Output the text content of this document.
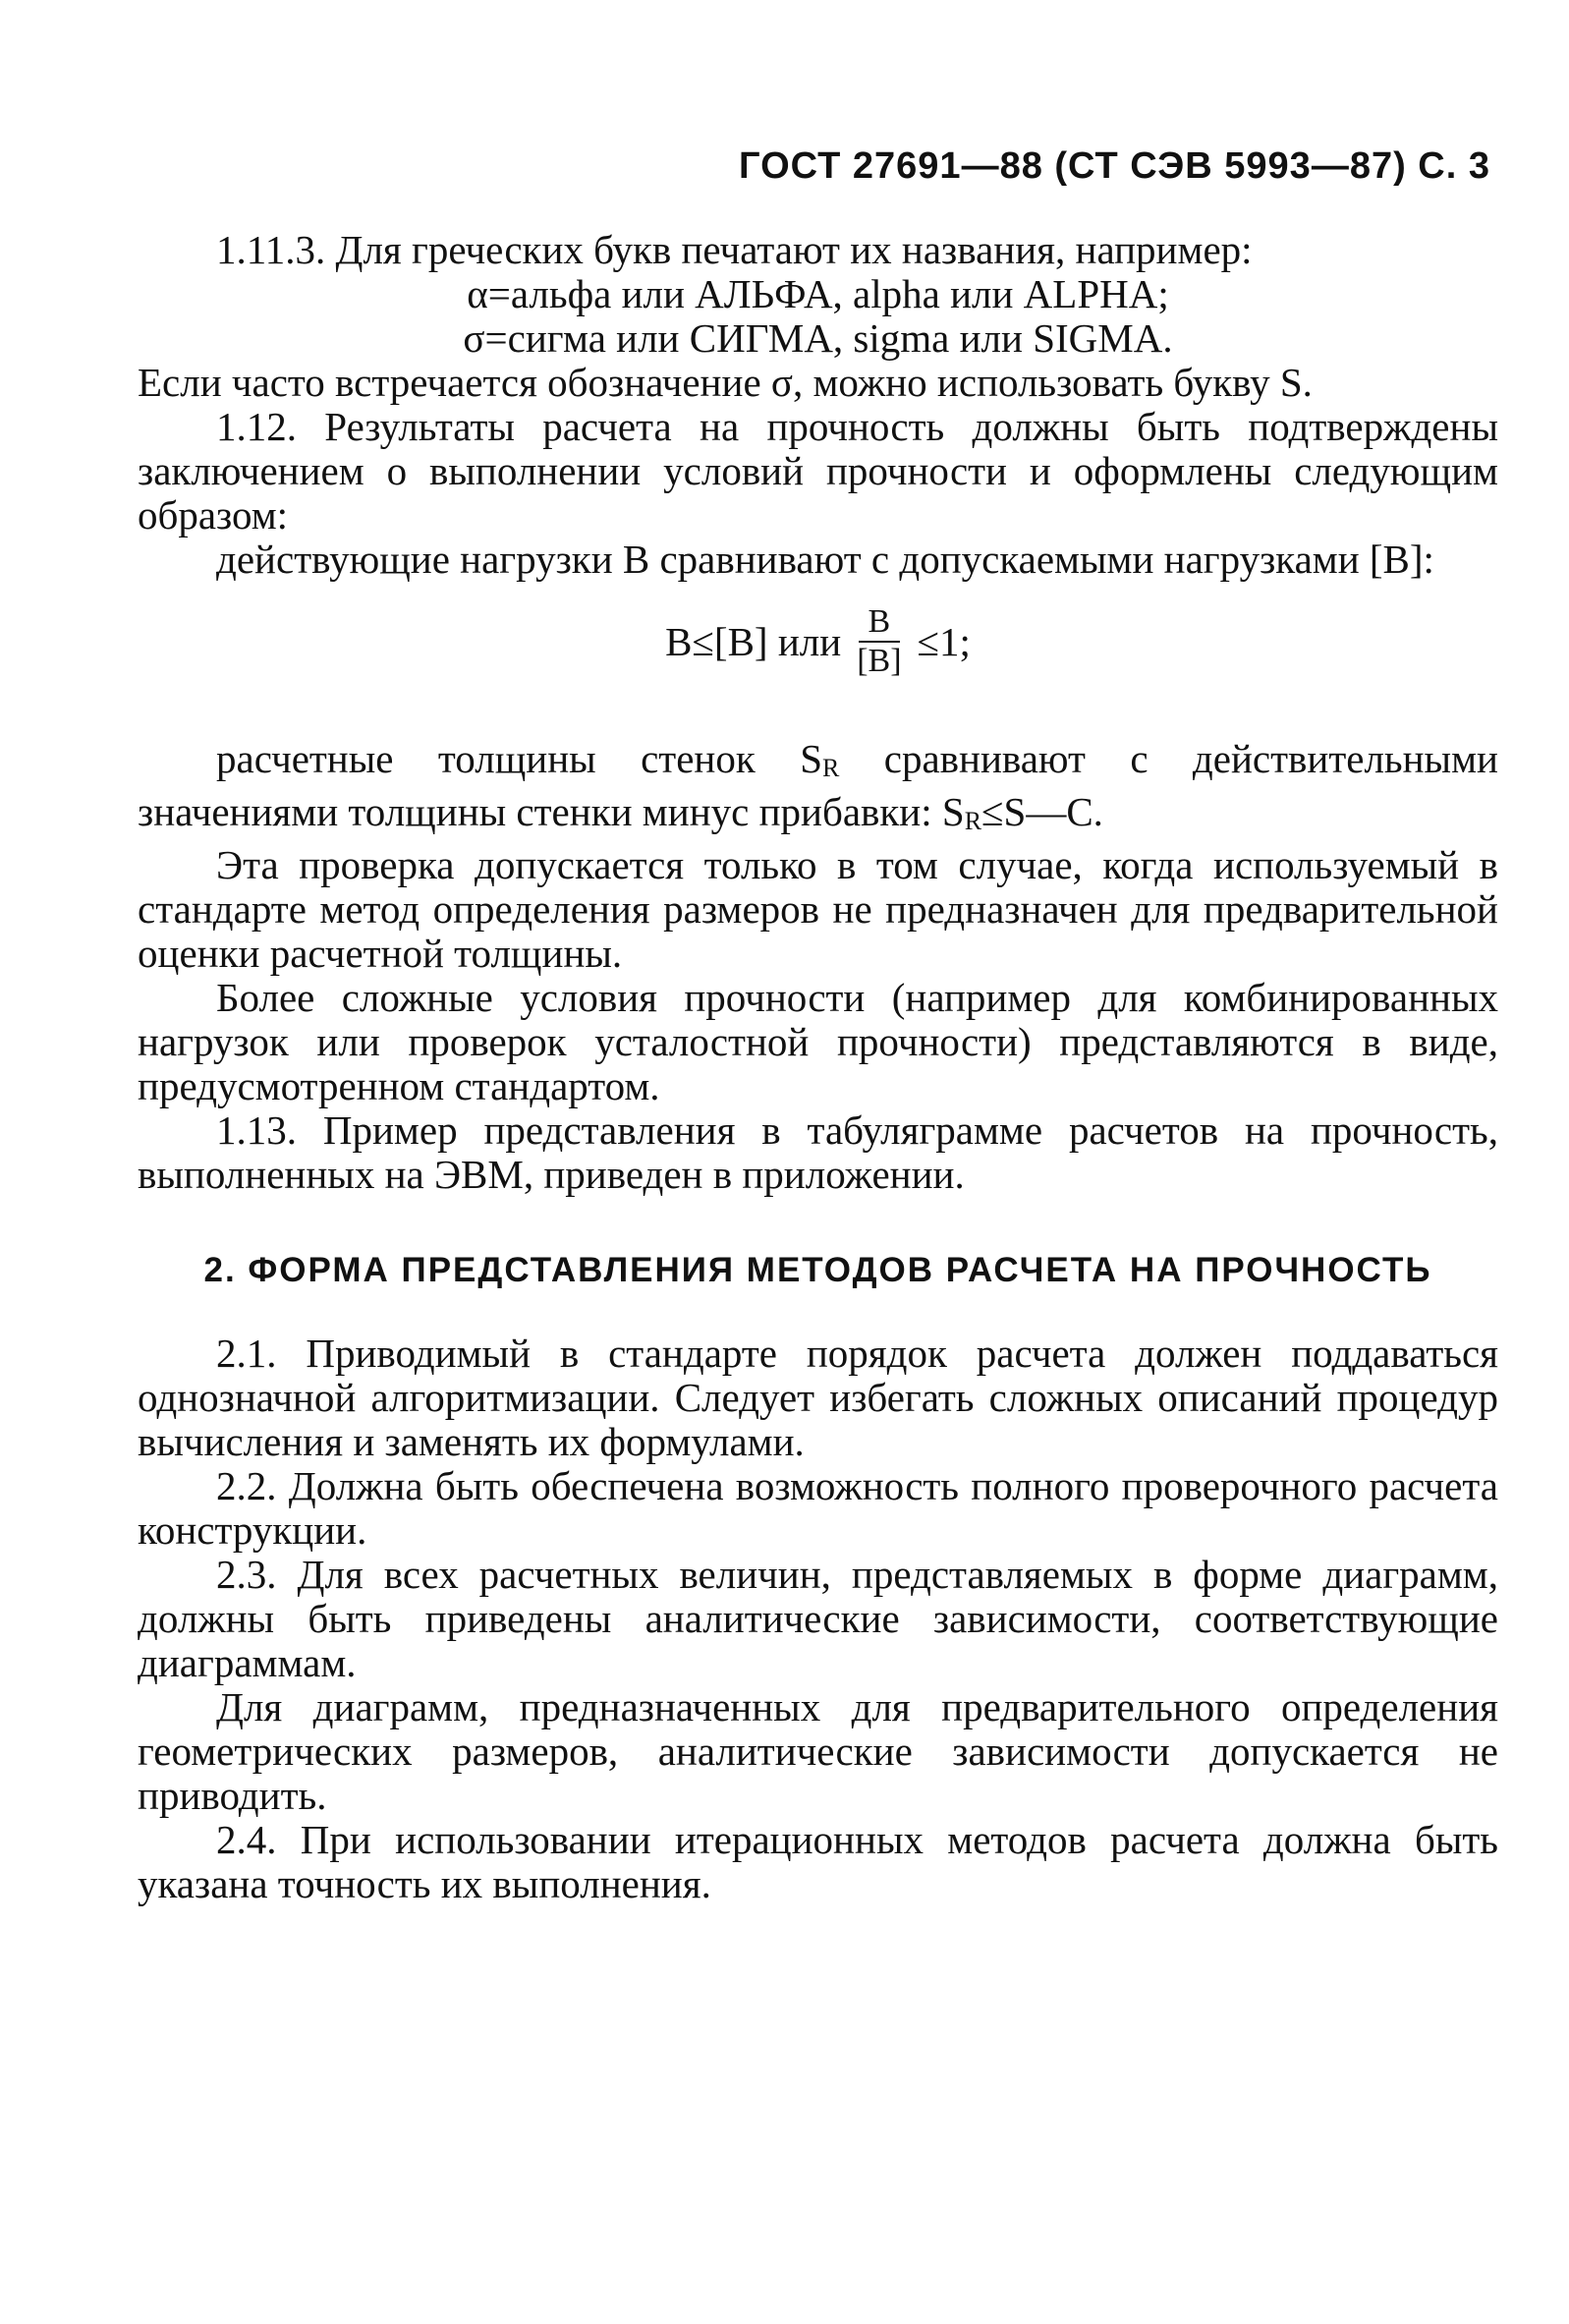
ГОСТ 27691—88 (СТ СЭВ 5993—87) С. 3

1.11.3. Для греческих букв печатают их названия, например:

α=альфа или АЛЬФА, alpha или ALPHA;

σ=сигма или СИГМА, sigma или SIGMA.

Если часто встречается обозначение σ, можно использовать букву S.

1.12. Результаты расчета на прочность должны быть подтверждены заключением о выполнении условий прочности и оформлены следующим образом:

действующие нагрузки B сравнивают с допускаемыми нагрузками [B]:

B≤[B] или $\frac{B}{[B]} \le 1$;

расчетные толщины стенок SR сравнивают с действительными значениями толщины стенки минус прибавки: SR≤S—C.

Эта проверка допускается только в том случае, когда используемый в стандарте метод определения размеров не предназначен для предварительной оценки расчетной толщины.

Более сложные условия прочности (например для комбинированных нагрузок или проверок усталостной прочности) представляются в виде, предусмотренном стандартом.

1.13. Пример представления в табуляграмме расчетов на прочность, выполненных на ЭВМ, приведен в приложении.

2. ФОРМА ПРЕДСТАВЛЕНИЯ МЕТОДОВ РАСЧЕТА НА ПРОЧНОСТЬ

2.1. Приводимый в стандарте порядок расчета должен поддаваться однозначной алгоритмизации. Следует избегать сложных описаний процедур вычисления и заменять их формулами.

2.2. Должна быть обеспечена возможность полного проверочного расчета конструкции.

2.3. Для всех расчетных величин, представляемых в форме диаграмм, должны быть приведены аналитические зависимости, соответствующие диаграммам.

Для диаграмм, предназначенных для предварительного определения геометрических размеров, аналитические зависимости допускается не приводить.

2.4. При использовании итерационных методов расчета должна быть указана точность их выполнения.
